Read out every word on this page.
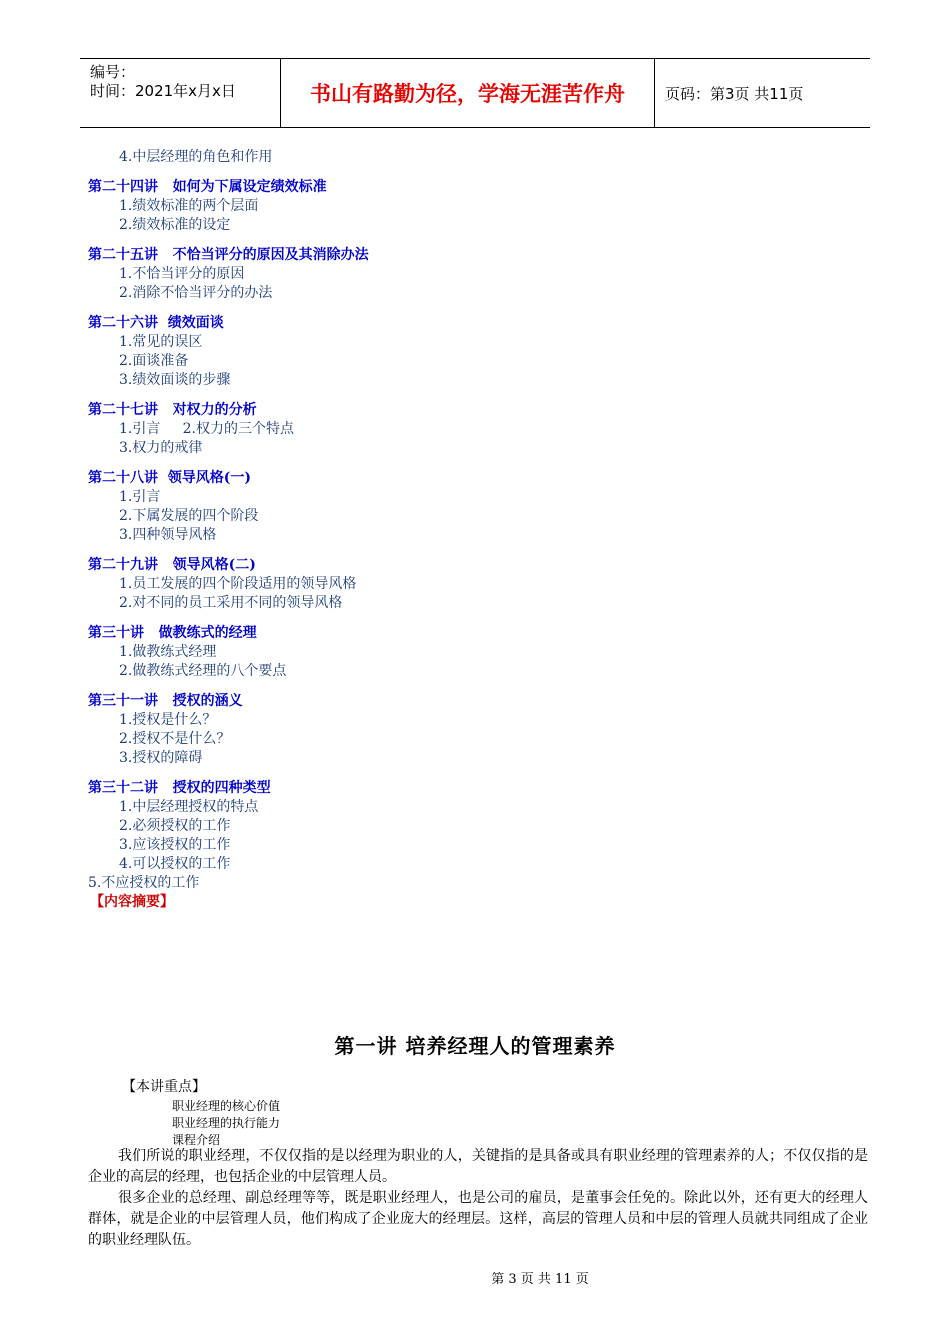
编号：
时间：2021年x月x日	书山有路勤为径，学海无涯苦作舟	页码：第3页 共11页
4.中层经理的角色和作用
第二十四讲   如何为下属设定绩效标准
1.绩效标准的两个层面
2.绩效标准的设定
第二十五讲   不恰当评分的原因及其消除办法
1.不恰当评分的原因
2.消除不恰当评分的办法
第二十六讲  绩效面谈
1.常见的误区
2.面谈准备
3.绩效面谈的步骤
第二十七讲   对权力的分析
1.引言     2.权力的三个特点
3.权力的戒律
第二十八讲  领导风格(一)
1.引言
2.下属发展的四个阶段
3.四种领导风格
第二十九讲   领导风格(二)
1.员工发展的四个阶段适用的领导风格
2.对不同的员工采用不同的领导风格
第三十讲   做教练式的经理
1.做教练式经理
2.做教练式经理的八个要点
第三十一讲   授权的涵义
1.授权是什么？
2.授权不是什么？
3.授权的障碍
第三十二讲   授权的四种类型
1.中层经理授权的特点
2.必须授权的工作
3.应该授权的工作
4.可以授权的工作
5.不应授权的工作
【内容摘要】
第一讲 培养经理人的管理素养
【本讲重点】
职业经理的核心价值
职业经理的执行能力
课程介绍

我们所说的职业经理，不仅仅指的是以经理为职业的人，关键指的是具备或具有职业经理的管理素养的人；不仅仅指的是企业的高层的经理，也包括企业的中层管理人员。

很多企业的总经理、副总经理等等，既是职业经理人，也是公司的雇员，是董事会任免的。除此以外，还有更大的经理人群体，就是企业的中层管理人员，他们构成了企业庞大的经理层。这样，高层的管理人员和中层的管理人员就共同组成了企业的职业经理队伍。

第 3 页 共 11 页
